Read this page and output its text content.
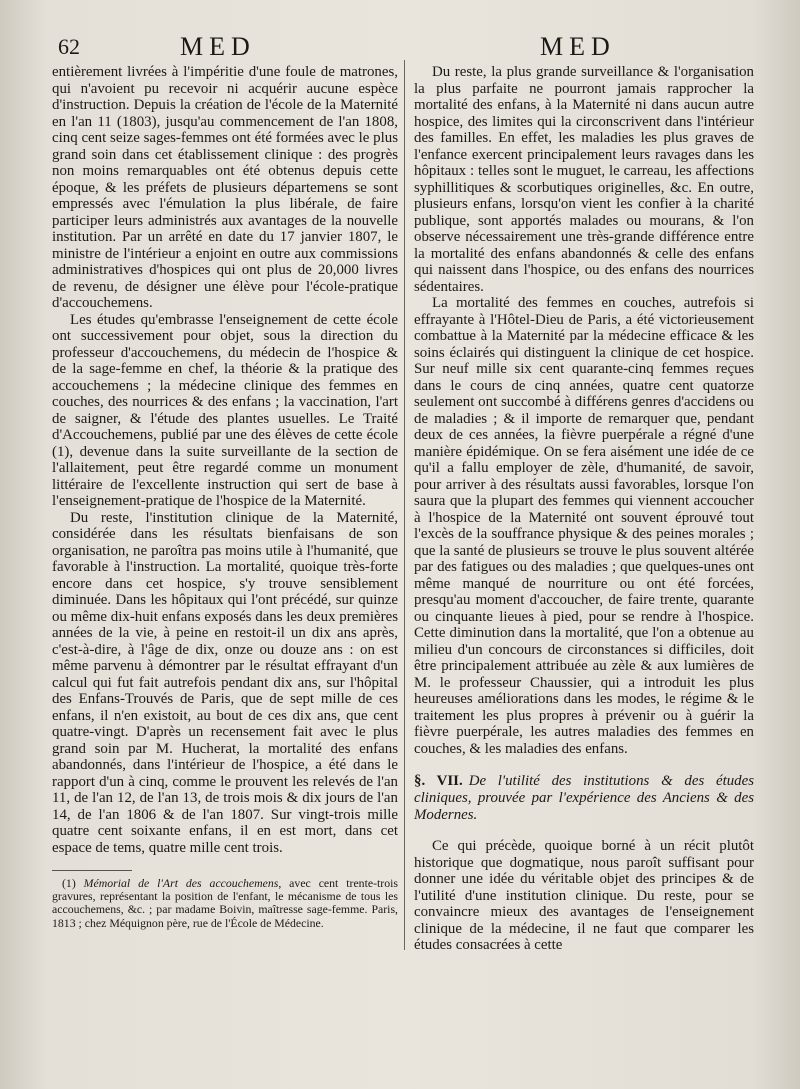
62	MED	MED

entièrement livrées à l'impéritie d'une foule de matrones, qui n'avoient pu recevoir ni acquérir aucune espèce d'instruction. Depuis la création de l'école de la Maternité en l'an 11 (1803), jusqu'au commencement de l'an 1808, cinq cent seize sages-femmes ont été formées avec le plus grand soin dans cet établissement clinique : des progrès non moins remarquables ont été obtenus depuis cette époque, & les préfets de plusieurs départemens se sont empressés avec l'émulation la plus libérale, de faire participer leurs administrés aux avantages de la nouvelle institution. Par un arrêté en date du 17 janvier 1807, le ministre de l'intérieur a enjoint en outre aux commissions administratives d'hospices qui ont plus de 20,000 livres de revenu, de désigner une élève pour l'école-pratique d'accouchemens.

Les études qu'embrasse l'enseignement de cette école ont successivement pour objet, sous la direction du professeur d'accouchemens, du médecin de l'hospice & de la sage-femme en chef, la théorie & la pratique des accouchemens ; la médecine clinique des femmes en couches, des nourrices & des enfans ; la vaccination, l'art de saigner, & l'étude des plantes usuelles. Le Traité d'Accouchemens, publié par une des élèves de cette école (1), devenue dans la suite surveillante de la section de l'allaitement, peut être regardé comme un monument littéraire de l'excellente instruction qui sert de base à l'enseignement-pratique de l'hospice de la Maternité.

Du reste, l'institution clinique de la Maternité, considérée dans les résultats bienfaisans de son organisation, ne paroîtra pas moins utile à l'humanité, que favorable à l'instruction. La mortalité, quoique très-forte encore dans cet hospice, s'y trouve sensiblement diminuée. Dans les hôpitaux qui l'ont précédé, sur quinze ou même dix-huit enfans exposés dans les deux premières années de la vie, à peine en restoit-il un dix ans après, c'est-à-dire, à l'âge de dix, onze ou douze ans : on est même parvenu à démontrer par le résultat effrayant d'un calcul qui fut fait autrefois pendant dix ans, sur l'hôpital des Enfans-Trouvés de Paris, que de sept mille de ces enfans, il n'en existoit, au bout de ces dix ans, que cent quatre-vingt. D'après un recensement fait avec le plus grand soin par M. Hucherat, la mortalité des enfans abandonnés, dans l'intérieur de l'hospice, a été dans le rapport d'un à cinq, comme le prouvent les relevés de l'an 11, de l'an 12, de l'an 13, de trois mois & dix jours de l'an 14, de l'an 1806 & de l'an 1807. Sur vingt-trois mille quatre cent soixante enfans, il en est mort, dans cet espace de tems, quatre mille cent trois.

(1) Mémorial de l'Art des accouchemens, avec cent trente-trois gravures, représentant la position de l'enfant, le mécanisme de tous les accouchemens, &c. ; par madame Boivin, maîtresse sage-femme. Paris, 1813 ; chez Méquignon père, rue de l'École de Médecine.

Du reste, la plus grande surveillance & l'organisation la plus parfaite ne pourront jamais rapprocher la mortalité des enfans, à la Maternité ni dans aucun autre hospice, des limites qui la circonscrivent dans l'intérieur des familles. En effet, les maladies les plus graves de l'enfance exercent principalement leurs ravages dans les hôpitaux : telles sont le muguet, le carreau, les affections syphillitiques & scorbutiques originelles, &c. En outre, plusieurs enfans, lorsqu'on vient les confier à la charité publique, sont apportés malades ou mourans, & l'on observe nécessairement une très-grande différence entre la mortalité des enfans abandonnés & celle des enfans qui naissent dans l'hospice, ou des enfans des nourrices sédentaires.

La mortalité des femmes en couches, autrefois si effrayante à l'Hôtel-Dieu de Paris, a été victorieusement combattue à la Maternité par la médecine efficace & les soins éclairés qui distinguent la clinique de cet hospice. Sur neuf mille six cent quarante-cinq femmes reçues dans le cours de cinq années, quatre cent quatorze seulement ont succombé à différens genres d'accidens ou de maladies ; & il importe de remarquer que, pendant deux de ces années, la fièvre puerpérale a régné d'une manière épidémique. On se fera aisément une idée de ce qu'il a fallu employer de zèle, d'humanité, de savoir, pour arriver à des résultats aussi favorables, lorsque l'on saura que la plupart des femmes qui viennent accoucher à l'hospice de la Maternité ont souvent éprouvé tout l'excès de la souffrance physique & des peines morales ; que la santé de plusieurs se trouve le plus souvent altérée par des fatigues ou des maladies ; que quelques-unes ont même manqué de nourriture ou ont été forcées, presqu'au moment d'accoucher, de faire trente, quarante ou cinquante lieues à pied, pour se rendre à l'hospice. Cette diminution dans la mortalité, que l'on a obtenue au milieu d'un concours de circonstances si difficiles, doit être principalement attribuée au zèle & aux lumières de M. le professeur Chaussier, qui a introduit les plus heureuses améliorations dans les modes, le régime & le traitement les plus propres à prévenir ou à guérir la fièvre puerpérale, les autres maladies des femmes en couches, & les maladies des enfans.

§. VII. De l'utilité des institutions & des études cliniques, prouvée par l'expérience des Anciens & des Modernes.

Ce qui précède, quoique borné à un récit plutôt historique que dogmatique, nous paroît suffisant pour donner une idée du véritable objet des principes & de l'utilité d'une institution clinique. Du reste, pour se convaincre mieux des avantages de l'enseignement clinique de la médecine, il ne faut que comparer les études consacrées à cette
